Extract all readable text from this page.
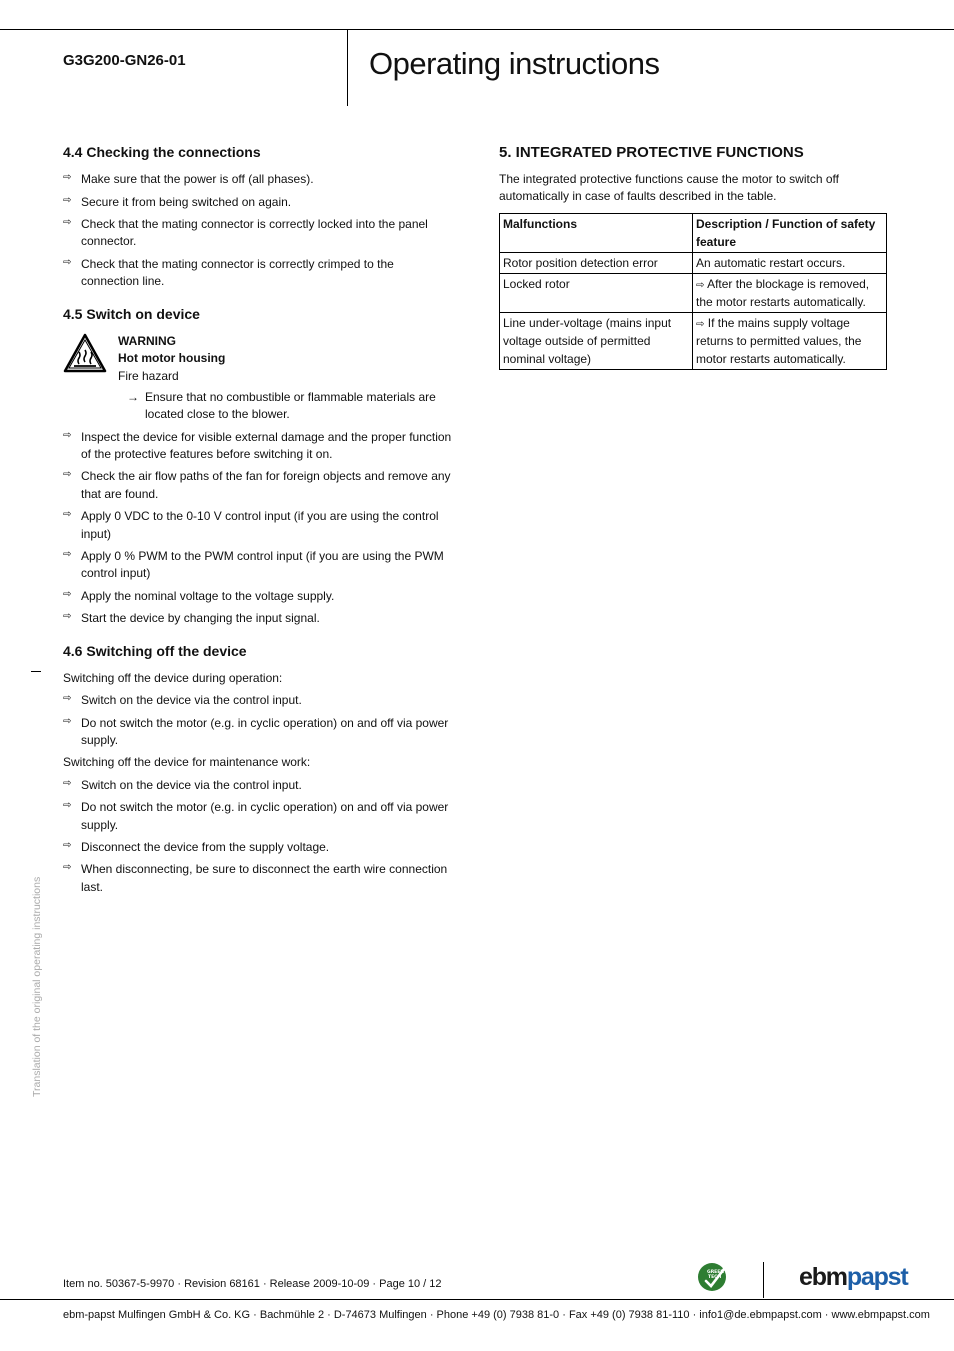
G3G200-GN26-01	Operating instructions
4.4 Checking the connections
⇨ Make sure that the power is off (all phases).
⇨ Secure it from being switched on again.
⇨ Check that the mating connector is correctly locked into the panel connector.
⇨ Check that the mating connector is correctly crimped to the connection line.
4.5 Switch on device
WARNING
Hot motor housing
Fire hazard
→ Ensure that no combustible or flammable materials are located close to the blower.
⇨ Inspect the device for visible external damage and the proper function of the protective features before switching it on.
⇨ Check the air flow paths of the fan for foreign objects and remove any that are found.
⇨ Apply 0 VDC to the 0-10 V control input (if you are using the control input)
⇨ Apply 0 % PWM to the PWM control input (if you are using the PWM control input)
⇨ Apply the nominal voltage to the voltage supply.
⇨ Start the device by changing the input signal.
4.6 Switching off the device

Switching off the device during operation:

⇨ Switch on the device via the control input.
⇨ Do not switch the motor (e.g. in cyclic operation) on and off via power supply.

Switching off the device for maintenance work:

⇨ Switch on the device via the control input.
⇨ Do not switch the motor (e.g. in cyclic operation) on and off via power supply.
⇨ Disconnect the device from the supply voltage.
⇨ When disconnecting, be sure to disconnect the earth wire connection last.
5. INTEGRATED PROTECTIVE FUNCTIONS

The integrated protective functions cause the motor to switch off automatically in case of faults described in the table.

Malfunctions	Description / Function of safety feature
Rotor position detection error	An automatic restart occurs.
Locked rotor	⇨ After the blockage is removed, the motor restarts automatically.
Line under-voltage (mains input voltage outside of permitted nominal voltage)	⇨ If the mains supply voltage returns to permitted values, the motor restarts automatically.
Translation of the original operating instructions
Item no. 50367-5-9970 · Revision 68161 · Release 2009-10-09 · Page 10 / 12
GREEN
TECH	ebmpapst
ebm-papst Mulfingen GmbH & Co. KG · Bachmühle 2 · D-74673 Mulfingen · Phone +49 (0) 7938 81-0 · Fax +49 (0) 7938 81-110 · info1@de.ebmpapst.com · www.ebmpapst.com
